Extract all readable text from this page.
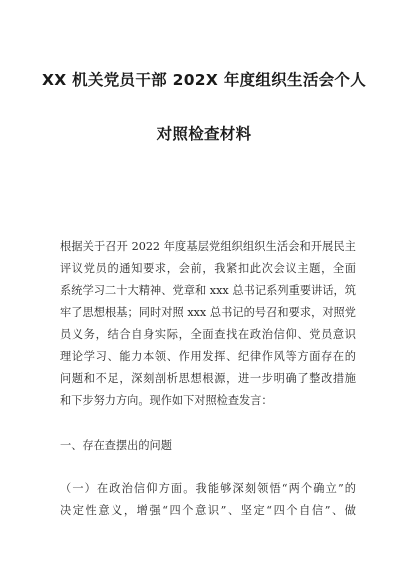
XX 机关党员干部 202X 年度组织生活会个人
对照检查材料
根据关于召开 2022 年度基层党组织组织生活会和开展民主
评议党员的通知要求，会前，我紧扣此次会议主题，全面
系统学习二十大精神、党章和 xxx 总书记系列重要讲话，筑
牢了思想根基；同时对照 xxx 总书记的号召和要求，对照党
员义务，结合自身实际，全面查找在政治信仰、党员意识
理论学习、能力本领、作用发挥、纪律作风等方面存在的
问题和不足，深刻剖析思想根源，进一步明确了整改措施
和下步努力方向。现作如下对照检查发言：
一、存在查摆出的问题
（一）在政治信仰方面。我能够深刻领悟“两个确立”的
决定性意义，增强“四个意识”、坚定“四个自信”、做
